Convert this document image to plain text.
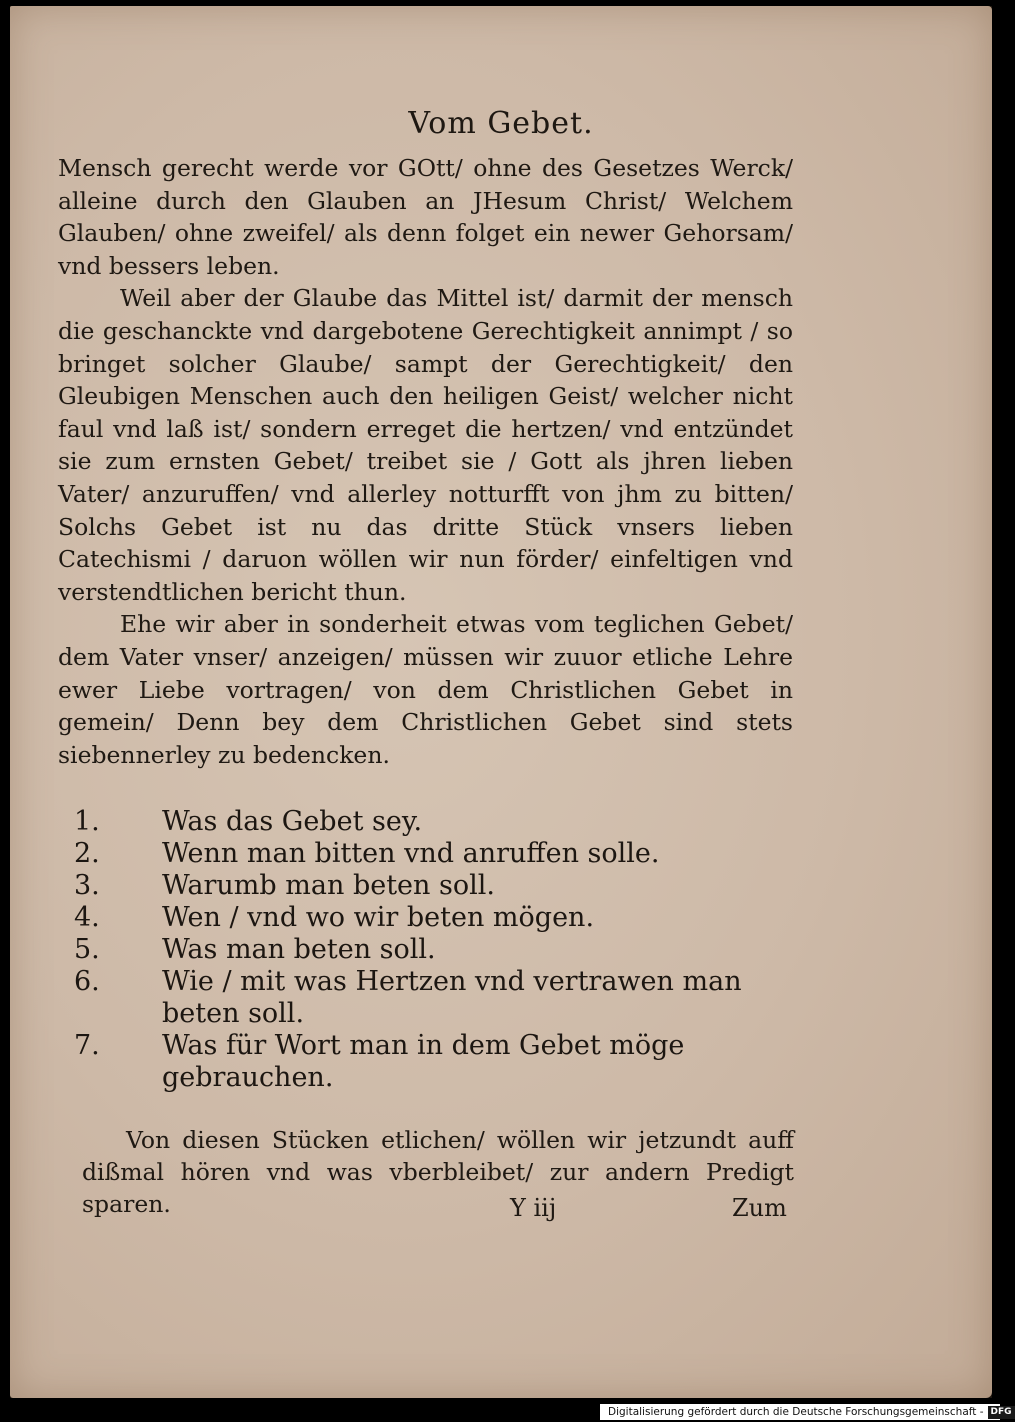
Vom Gebet.

Mensch gerecht werde vor GOtt/ ohne des Gesetzes Werck/ alleine durch den Glauben an JHesum Christ/ Welchem Glauben/ ohne zweifel/ als denn folget ein newer Gehorsam/ vnd bessers leben.

Weil aber der Glaube das Mittel ist/ darmit der mensch die geschanckte vnd dargebotene Gerechtigkeit annimpt / so bringet solcher Glaube/ sampt der Gerechtigkeit/ den Gleubigen Menschen auch den heiligen Geist/ welcher nicht faul vnd laß ist/ sondern erreget die hertzen/ vnd entzündet sie zum ernsten Gebet/ treibet sie / Gott als jhren lieben Vater/ anzuruffen/ vnd allerley notturfft von jhm zu bitten/ Solchs Gebet ist nu das dritte Stück vnsers lieben Catechismi / daruon wöllen wir nun förder/ einfeltigen vnd verstendtlichen bericht thun.

Ehe wir aber in sonderheit etwas vom teglichen Gebet/ dem Vater vnser/ anzeigen/ müssen wir zuuor etliche Lehre ewer Liebe vortragen/ von dem Christlichen Gebet in gemein/ Denn bey dem Christlichen Gebet sind stets siebennerley zu bedencken.

1.	Was das Gebet sey.
2.	Wenn man bitten vnd anruffen solle.
3.	Warumb man beten soll.
4.	Wen / vnd wo wir beten mögen.
5.	Was man beten soll.
6.	Wie / mit was Hertzen vnd vertrawen man beten soll.
7.	Was für Wort man in dem Gebet möge gebrauchen.
Von diesen Stücken etlichen/ wöllen wir jetzundt auff dißmal hören vnd was vberbleibet/ zur andern Predigt sparen.	Y iij	Zum
Digitalisierung gefördert durch die Deutsche Forschungsgemeinschaft - DFG
